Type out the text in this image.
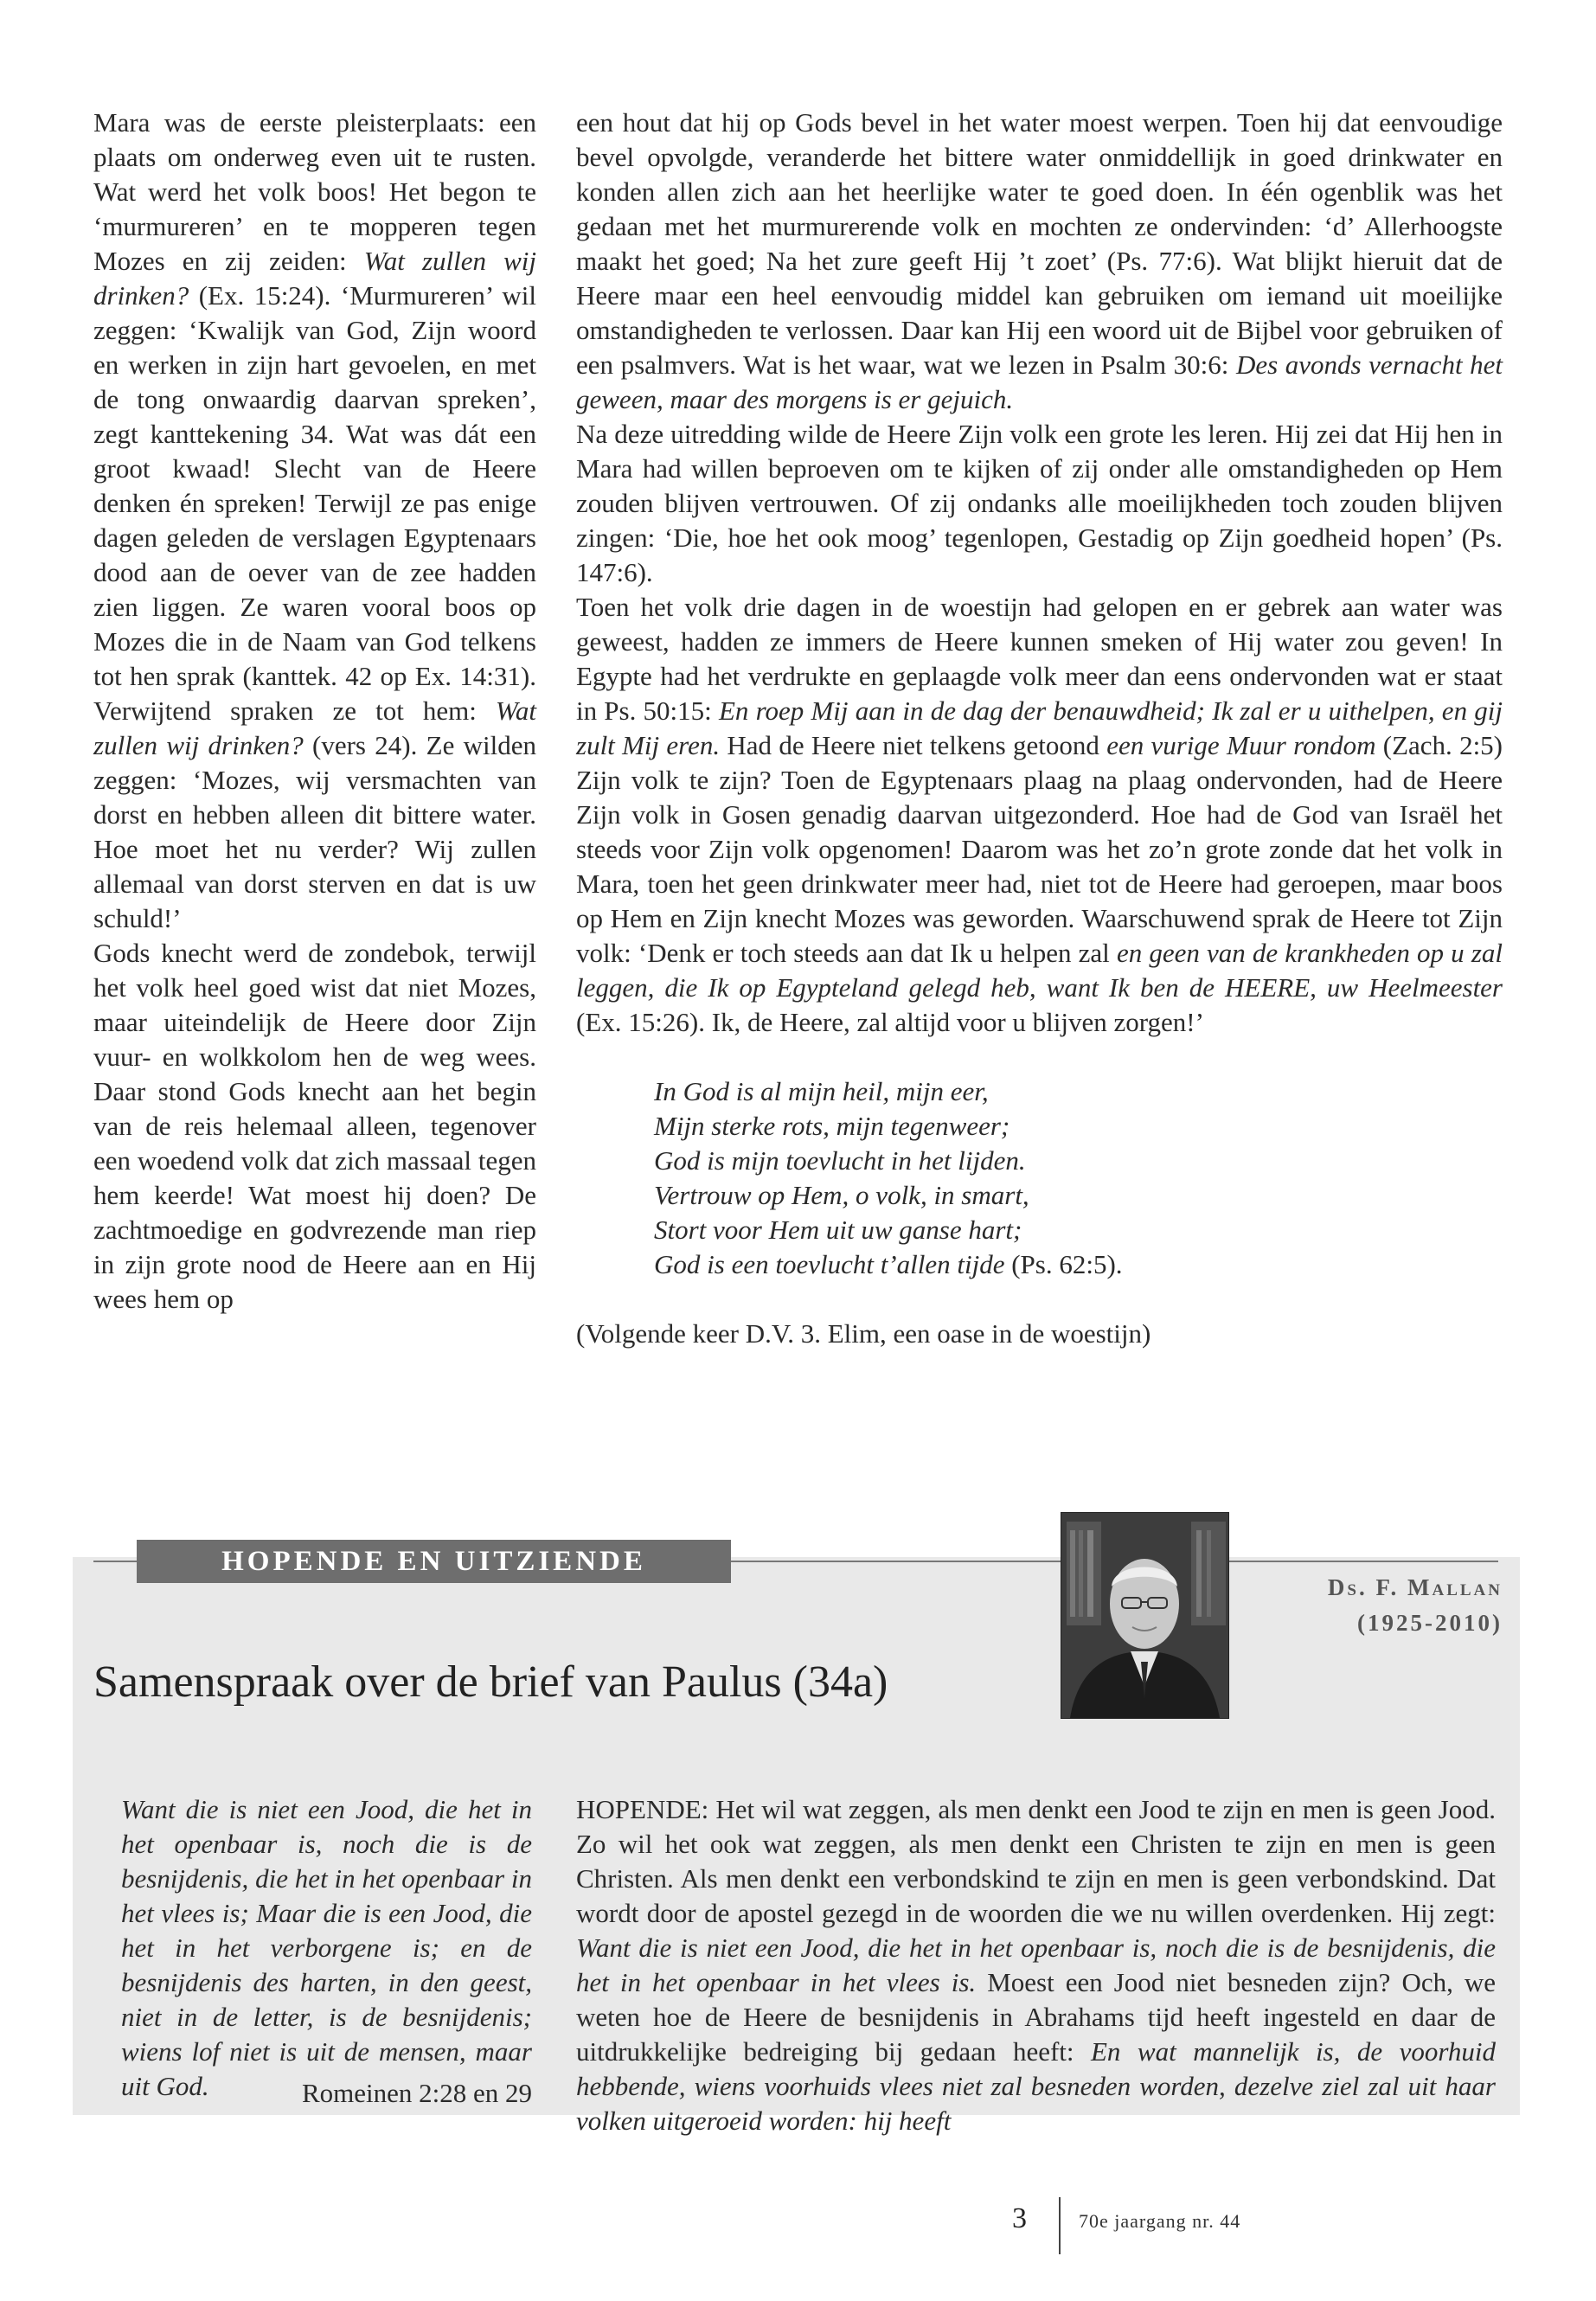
Mara was de eerste pleisterplaats: een plaats om onderweg even uit te rusten. Wat werd het volk boos! Het begon te ‘murmureren’ en te mopperen tegen Mozes en zij zeiden: Wat zullen wij drinken? (Ex. 15:24). ‘Murmureren’ wil zeggen: ‘Kwalijk van God, Zijn woord en werken in zijn hart gevoelen, en met de tong onwaardig daarvan spreken’, zegt kanttekening 34. Wat was dát een groot kwaad! Slecht van de Heere denken én spreken! Terwijl ze pas enige dagen geleden de verslagen Egyptenaars dood aan de oever van de zee hadden zien liggen. Ze waren vooral boos op Mozes die in de Naam van God telkens tot hen sprak (kanttek. 42 op Ex. 14:31). Verwijtend spraken ze tot hem: Wat zullen wij drinken? (vers 24). Ze wilden zeggen: ‘Mozes, wij versmachten van dorst en hebben alleen dit bittere water. Hoe moet het nu verder? Wij zullen allemaal van dorst sterven en dat is uw schuld!’

Gods knecht werd de zondebok, terwijl het volk heel goed wist dat niet Mozes, maar uiteindelijk de Heere door Zijn vuur- en wolkkolom hen de weg wees. Daar stond Gods knecht aan het begin van de reis helemaal alleen, tegenover een woedend volk dat zich massaal tegen hem keerde! Wat moest hij doen? De zachtmoedige en godvrezende man riep in zijn grote nood de Heere aan en Hij wees hem op

een hout dat hij op Gods bevel in het water moest werpen. Toen hij dat eenvoudige bevel opvolgde, veranderde het bittere water onmiddellijk in goed drinkwater en konden allen zich aan het heerlijke water te goed doen. In één ogenblik was het gedaan met het murmurerende volk en mochten ze ondervinden: ‘d’ Allerhoogste maakt het goed; Na het zure geeft Hij ’t zoet’ (Ps. 77:6). Wat blijkt hieruit dat de Heere maar een heel eenvoudig middel kan gebruiken om iemand uit moeilijke omstandigheden te verlossen. Daar kan Hij een woord uit de Bijbel voor gebruiken of een psalmvers. Wat is het waar, wat we lezen in Psalm 30:6: Des avonds vernacht het geween, maar des morgens is er gejuich.

Na deze uitredding wilde de Heere Zijn volk een grote les leren. Hij zei dat Hij hen in Mara had willen beproeven om te kijken of zij onder alle omstandigheden op Hem zouden blijven vertrouwen. Of zij ondanks alle moeilijkheden toch zouden blijven zingen: ‘Die, hoe het ook moog’ tegenlopen, Gestadig op Zijn goedheid hopen’ (Ps. 147:6).

Toen het volk drie dagen in de woestijn had gelopen en er gebrek aan water was geweest, hadden ze immers de Heere kunnen smeken of Hij water zou geven! In Egypte had het verdrukte en geplaagde volk meer dan eens ondervonden wat er staat in Ps. 50:15: En roep Mij aan in de dag der benauwdheid; Ik zal er u uithelpen, en gij zult Mij eren. Had de Heere niet telkens getoond een vurige Muur rondom (Zach. 2:5) Zijn volk te zijn? Toen de Egyptenaars plaag na plaag ondervonden, had de Heere Zijn volk in Gosen genadig daarvan uitgezonderd. Hoe had de God van Israël het steeds voor Zijn volk opgenomen! Daarom was het zo’n grote zonde dat het volk in Mara, toen het geen drinkwater meer had, niet tot de Heere had geroepen, maar boos op Hem en Zijn knecht Mozes was geworden. Waarschuwend sprak de Heere tot Zijn volk: ‘Denk er toch steeds aan dat Ik u helpen zal en geen van de krankheden op u zal leggen, die Ik op Egypteland gelegd heb, want Ik ben de HEERE, uw Heelmeester (Ex. 15:26). Ik, de Heere, zal altijd voor u blijven zorgen!’

In God is al mijn heil, mijn eer,
Mijn sterke rots, mijn tegenweer;
God is mijn toevlucht in het lijden.
Vertrouw op Hem, o volk, in smart,
Stort voor Hem uit uw ganse hart;
God is een toevlucht t’allen tijde (Ps. 62:5).

(Volgende keer D.V. 3. Elim, een oase in de woestijn)

HOPENDE EN UITZIENDE
Ds. F. Mallan
(1925-2010)
Samenspraak over de brief van Paulus (34a)
Want die is niet een Jood, die het in het openbaar is, noch die is de besnijdenis, die het in het openbaar in het vlees is; Maar die is een Jood, die het in het verborgene is; en de besnijdenis des harten, in den geest, niet in de letter, is de besnijdenis; wiens lof niet is uit de mensen, maar uit God.	Romeinen 2:28 en 29

HOPENDE: Het wil wat zeggen, als men denkt een Jood te zijn en men is geen Jood. Zo wil het ook wat zeggen, als men denkt een Christen te zijn en men is geen Christen. Als men denkt een verbondskind te zijn en men is geen verbondskind. Dat wordt door de apostel gezegd in de woorden die we nu willen overdenken. Hij zegt: Want die is niet een Jood, die het in het openbaar is, noch die is de besnijdenis, die het in het openbaar in het vlees is. Moest een Jood niet besneden zijn? Och, we weten hoe de Heere de besnijdenis in Abrahams tijd heeft ingesteld en daar de uitdrukkelijke bedreiging bij gedaan heeft: En wat mannelijk is, de voorhuid hebbende, wiens voorhuids vlees niet zal besneden worden, dezelve ziel zal uit haar volken uitgeroeid worden: hij heeft

3	70e jaargang nr. 44
